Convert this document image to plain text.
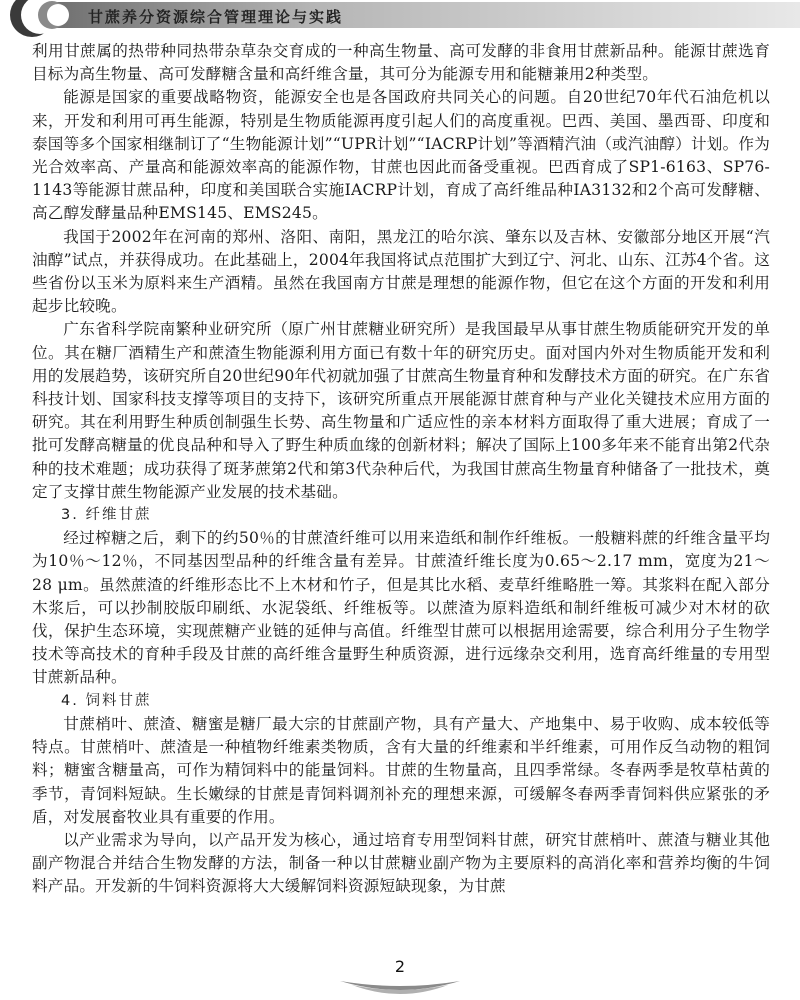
甘蔗养分资源综合管理理论与实践

利用甘蔗属的热带种同热带杂草杂交育成的一种高生物量、高可发酵的非食用甘蔗新品种。能源甘蔗选育目标为高生物量、高可发酵糖含量和高纤维含量，其可分为能源专用和能糖兼用2种类型。

能源是国家的重要战略物资，能源安全也是各国政府共同关心的问题。自20世纪70年代石油危机以来，开发和利用可再生能源，特别是生物质能源再度引起人们的高度重视。巴西、美国、墨西哥、印度和泰国等多个国家相继制订了“生物能源计划”“UPR计划”“IACRP计划”等酒精汽油（或汽油醇）计划。作为光合效率高、产量高和能源效率高的能源作物，甘蔗也因此而备受重视。巴西育成了SP1-6163、SP76-1143等能源甘蔗品种，印度和美国联合实施IACRP计划，育成了高纤维品种IA3132和2个高可发酵糖、高乙醇发酵量品种EMS145、EMS245。

我国于2002年在河南的郑州、洛阳、南阳，黑龙江的哈尔滨、肇东以及吉林、安徽部分地区开展“汽油醇”试点，并获得成功。在此基础上，2004年我国将试点范围扩大到辽宁、河北、山东、江苏4个省。这些省份以玉米为原料来生产酒精。虽然在我国南方甘蔗是理想的能源作物，但它在这个方面的开发和利用起步比较晚。

广东省科学院南繁种业研究所（原广州甘蔗糖业研究所）是我国最早从事甘蔗生物质能研究开发的单位。其在糖厂酒精生产和蔗渣生物能源利用方面已有数十年的研究历史。面对国内外对生物质能开发和利用的发展趋势，该研究所自20世纪90年代初就加强了甘蔗高生物量育种和发酵技术方面的研究。在广东省科技计划、国家科技支撑等项目的支持下，该研究所重点开展能源甘蔗育种与产业化关键技术应用方面的研究。其在利用野生种质创制强生长势、高生物量和广适应性的亲本材料方面取得了重大进展；育成了一批可发酵高糖量的优良品种和导入了野生种质血缘的创新材料；解决了国际上100多年来不能育出第2代杂种的技术难题；成功获得了斑茅蔗第2代和第3代杂种后代，为我国甘蔗高生物量育种储备了一批技术，奠定了支撑甘蔗生物能源产业发展的技术基础。

3. 纤维甘蔗

经过榨糖之后，剩下的约50％的甘蔗渣纤维可以用来造纸和制作纤维板。一般糖料蔗的纤维含量平均为10％～12％，不同基因型品种的纤维含量有差异。甘蔗渣纤维长度为0.65～2.17 mm，宽度为21～28 μm。虽然蔗渣的纤维形态比不上木材和竹子，但是其比水稻、麦草纤维略胜一筹。其浆料在配入部分木浆后，可以抄制胶版印刷纸、水泥袋纸、纤维板等。以蔗渣为原料造纸和制纤维板可减少对木材的砍伐，保护生态环境，实现蔗糖产业链的延伸与高值。纤维型甘蔗可以根据用途需要，综合利用分子生物学技术等高技术的育种手段及甘蔗的高纤维含量野生种质资源，进行远缘杂交利用，选育高纤维量的专用型甘蔗新品种。

4. 饲料甘蔗

甘蔗梢叶、蔗渣、糖蜜是糖厂最大宗的甘蔗副产物，具有产量大、产地集中、易于收购、成本较低等特点。甘蔗梢叶、蔗渣是一种植物纤维素类物质，含有大量的纤维素和半纤维素，可用作反刍动物的粗饲料；糖蜜含糖量高，可作为精饲料中的能量饲料。甘蔗的生物量高，且四季常绿。冬春两季是牧草枯黄的季节，青饲料短缺。生长嫩绿的甘蔗是青饲料调剂补充的理想来源，可缓解冬春两季青饲料供应紧张的矛盾，对发展畜牧业具有重要的作用。

以产业需求为导向，以产品开发为核心，通过培育专用型饲料甘蔗，研究甘蔗梢叶、蔗渣与糖业其他副产物混合并结合生物发酵的方法，制备一种以甘蔗糖业副产物为主要原料的高消化率和营养均衡的牛饲料产品。开发新的牛饲料资源将大大缓解饲料资源短缺现象，为甘蔗

2
